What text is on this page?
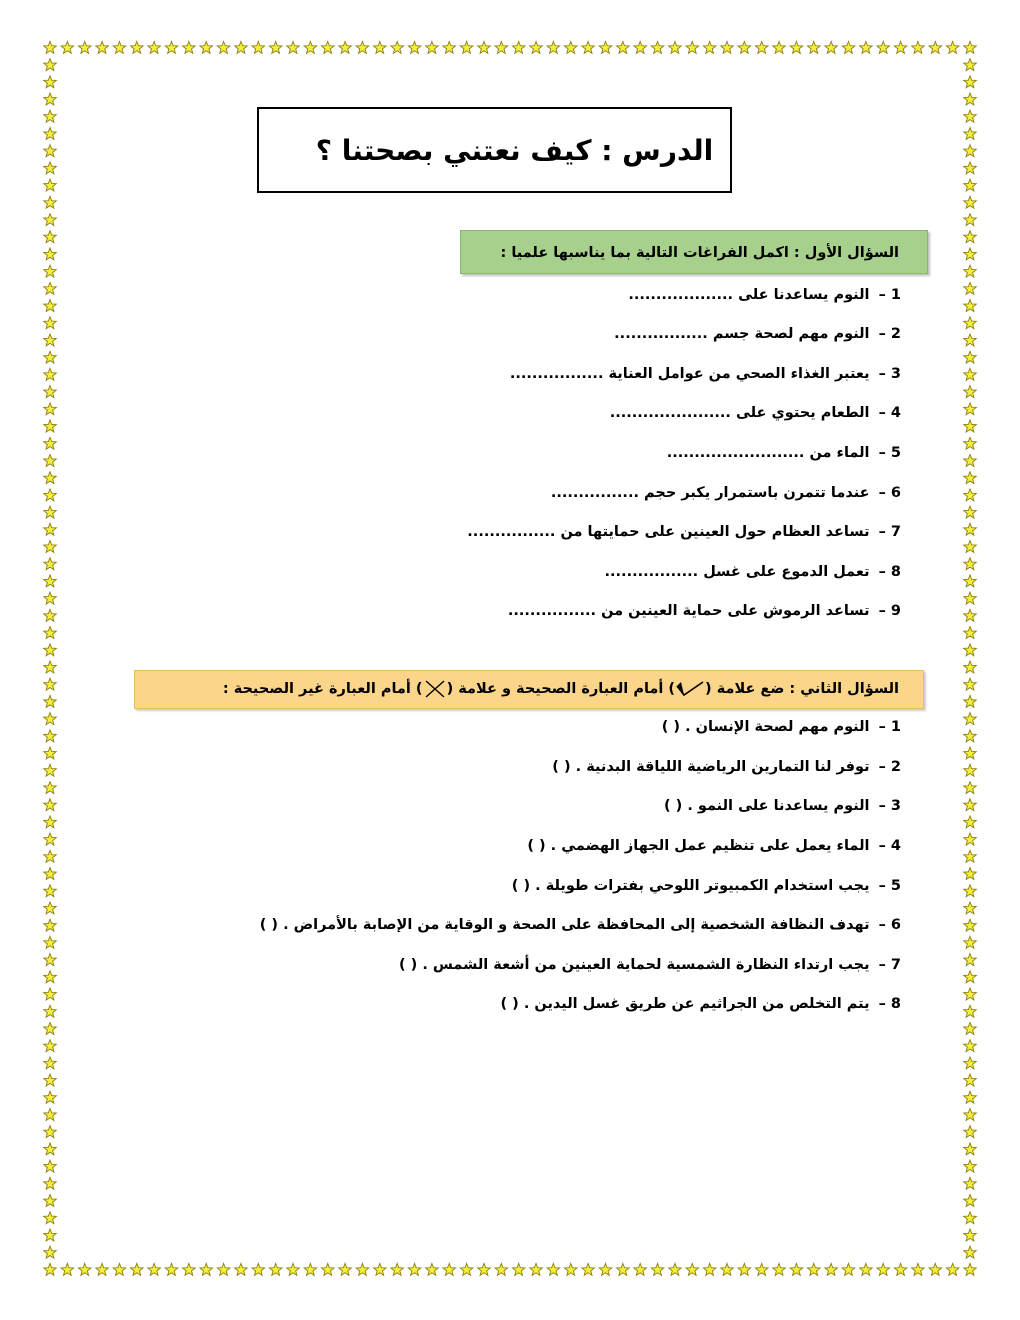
الدرس : كيف نعتني بصحتنا ؟
السؤال الأول : اكمل الفراغات التالية بما يناسبها علميا :
1 – النوم يساعدنا على ...................
2 – النوم مهم لصحة جسم .................
3 – يعتبر الغذاء الصحي من عوامل العناية .................
4 – الطعام يحتوي على ......................
5 – الماء من .........................
6 – عندما تتمرن باستمرار يكبر حجم ................
7 – تساعد العظام حول العينين على حمايتها من ................
8 – تعمل الدموع على غسل .................
9 – تساعد الرموش على حماية العينين من ................
السؤال الثاني : ضع علامة () أمام العبارة الصحيحة و علامة () أمام العبارة غير الصحيحة :
1 – النوم مهم لصحة الإنسان . ( )
2 – توفر لنا التمارين الرياضية اللياقة البدنية . ( )
3 – النوم يساعدنا على النمو . ( )
4 – الماء يعمل على تنظيم عمل الجهاز الهضمي . ( )
5 – يجب استخدام الكمبيوتر اللوحي بفترات طويلة . ( )
6 – تهدف النظافة الشخصية إلى المحافظة على الصحة و الوقاية من الإصابة بالأمراض . ( )
7 – يجب ارتداء النظارة الشمسية لحماية العينين من أشعة الشمس . ( )
8 – يتم التخلص من الجراثيم عن طريق غسل اليدين . ( )
